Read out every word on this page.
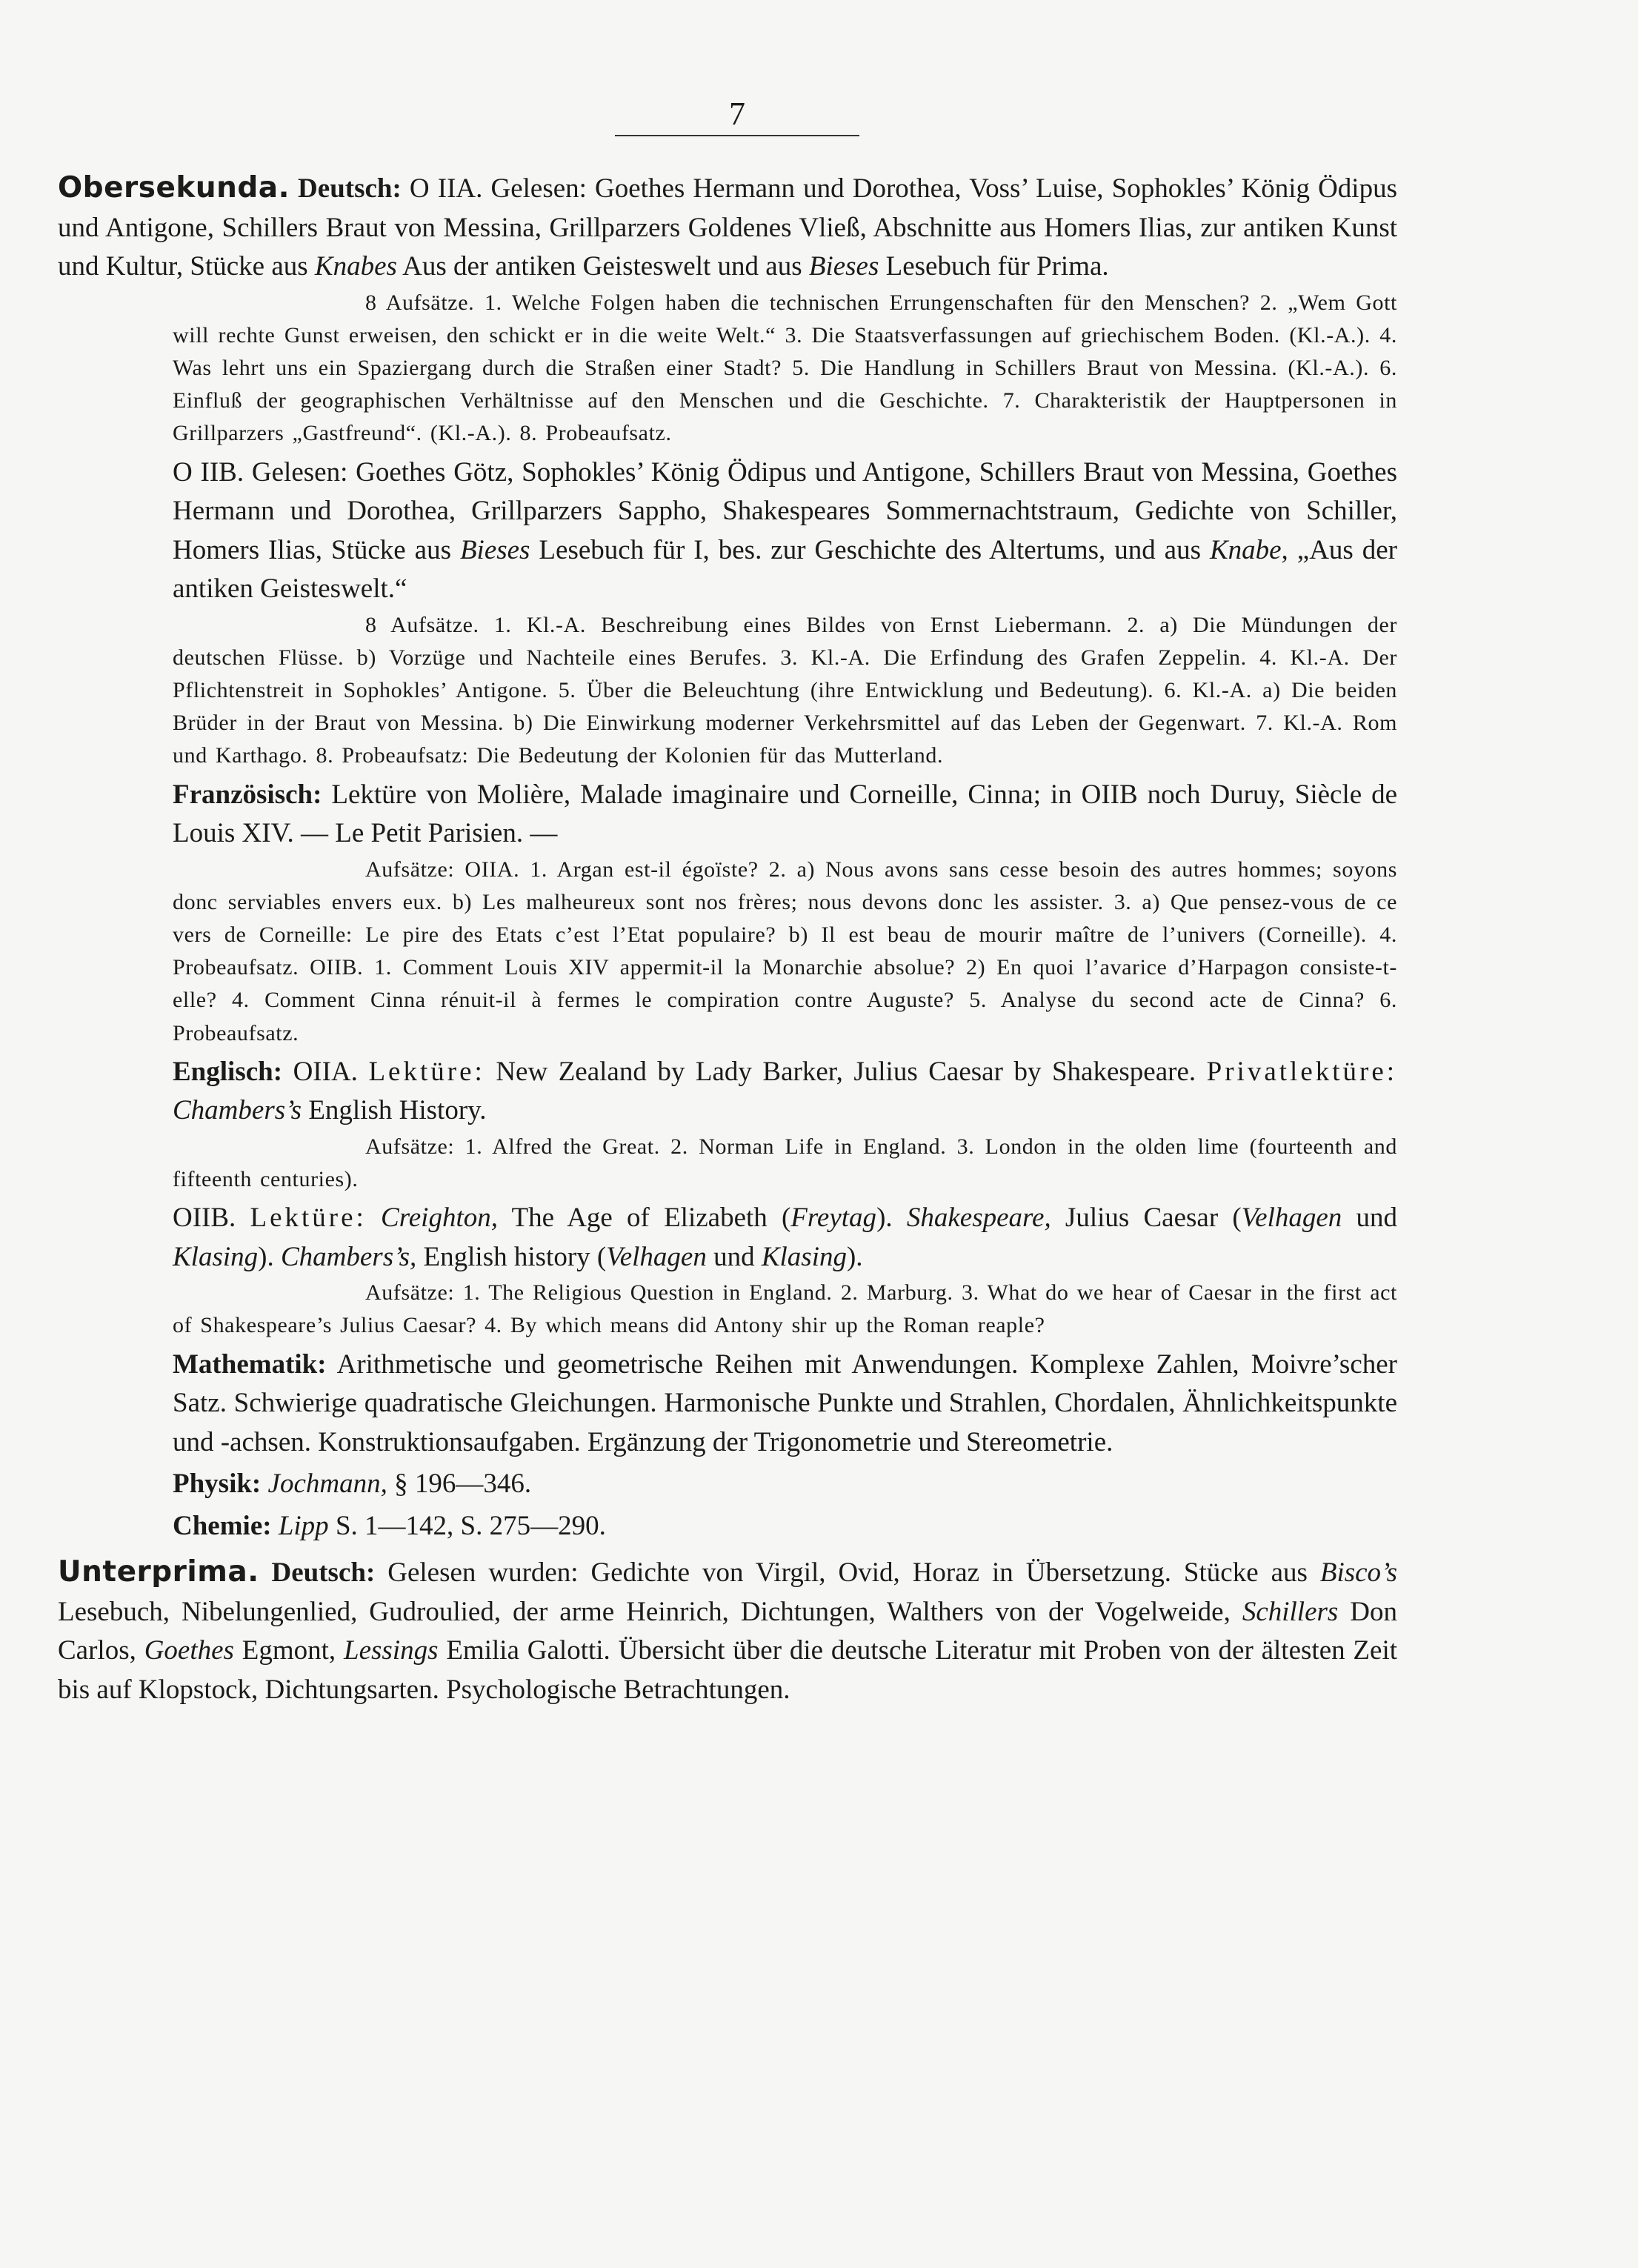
7

Obersekunda. Deutsch: O IIA. Gelesen: Goethes Hermann und Dorothea, Voss’ Luise, Sophokles’ König Ödipus und Antigone, Schillers Braut von Messina, Grillparzers Goldenes Vließ, Abschnitte aus Homers Ilias, zur antiken Kunst und Kultur, Stücke aus Knabes Aus der antiken Geisteswelt und aus Bieses Lesebuch für Prima.

8 Aufsätze. 1. Welche Folgen haben die technischen Errungenschaften für den Menschen? 2. „Wem Gott will rechte Gunst erweisen, den schickt er in die weite Welt.“ 3. Die Staatsverfassungen auf griechischem Boden. (Kl.-A.). 4. Was lehrt uns ein Spaziergang durch die Straßen einer Stadt? 5. Die Handlung in Schillers Braut von Messina. (Kl.-A.). 6. Einfluß der geographischen Verhältnisse auf den Menschen und die Geschichte. 7. Charakteristik der Hauptpersonen in Grillparzers „Gastfreund“. (Kl.-A.). 8. Probeaufsatz.

O IIB. Gelesen: Goethes Götz, Sophokles’ König Ödipus und Antigone, Schillers Braut von Messina, Goethes Hermann und Dorothea, Grillparzers Sappho, Shakespeares Sommernachtstraum, Gedichte von Schiller, Homers Ilias, Stücke aus Bieses Lesebuch für I, bes. zur Geschichte des Altertums, und aus Knabe, „Aus der antiken Geisteswelt.“

8 Aufsätze. 1. Kl.-A. Beschreibung eines Bildes von Ernst Liebermann. 2. a) Die Mündungen der deutschen Flüsse. b) Vorzüge und Nachteile eines Berufes. 3. Kl.-A. Die Erfindung des Grafen Zeppelin. 4. Kl.-A. Der Pflichtenstreit in Sophokles’ Antigone. 5. Über die Beleuchtung (ihre Entwicklung und Bedeutung). 6. Kl.-A. a) Die beiden Brüder in der Braut von Messina. b) Die Einwirkung moderner Verkehrsmittel auf das Leben der Gegenwart. 7. Kl.-A. Rom und Karthago. 8. Probeaufsatz: Die Bedeutung der Kolonien für das Mutterland.

Französisch: Lektüre von Molière, Malade imaginaire und Corneille, Cinna; in OIIB noch Duruy, Siècle de Louis XIV. — Le Petit Parisien. —

Aufsätze: OIIA. 1. Argan est-il égoïste? 2. a) Nous avons sans cesse besoin des autres hommes; soyons donc serviables envers eux. b) Les malheureux sont nos frères; nous devons donc les assister. 3. a) Que pensez-vous de ce vers de Corneille: Le pire des Etats c’est l’Etat populaire? b) Il est beau de mourir maître de l’univers (Corneille). 4. Probeaufsatz. OIIB. 1. Comment Louis XIV appermit-il la Monarchie absolue? 2) En quoi l’avarice d’Harpagon consiste-t-elle? 4. Comment Cinna rénuit-il à fermes le compiration contre Auguste? 5. Analyse du second acte de Cinna? 6. Probeaufsatz.

Englisch: OIIA. Lektüre: New Zealand by Lady Barker, Julius Caesar by Shakespeare. Privatlektüre: Chambers’s English History.

Aufsätze: 1. Alfred the Great. 2. Norman Life in England. 3. London in the olden lime (fourteenth and fifteenth centuries).

OIIB. Lektüre: Creighton, The Age of Elizabeth (Freytag). Shakespeare, Julius Caesar (Velhagen und Klasing). Chambers’s, English history (Velhagen und Klasing).

Aufsätze: 1. The Religious Question in England. 2. Marburg. 3. What do we hear of Caesar in the first act of Shakespeare’s Julius Caesar? 4. By which means did Antony shir up the Roman reaple?

Mathematik: Arithmetische und geometrische Reihen mit Anwendungen. Komplexe Zahlen, Moivre’scher Satz. Schwierige quadratische Gleichungen. Harmonische Punkte und Strahlen, Chordalen, Ähnlichkeitspunkte und -achsen. Konstruktionsaufgaben. Ergänzung der Trigonometrie und Stereometrie.

Physik: Jochmann, § 196—346.

Chemie: Lipp S. 1—142, S. 275—290.

Unterprima. Deutsch: Gelesen wurden: Gedichte von Virgil, Ovid, Horaz in Übersetzung. Stücke aus Bisco’s Lesebuch, Nibelungenlied, Gudroulied, der arme Heinrich, Dichtungen, Walthers von der Vogelweide, Schillers Don Carlos, Goethes Egmont, Lessings Emilia Galotti. Übersicht über die deutsche Literatur mit Proben von der ältesten Zeit bis auf Klopstock, Dichtungsarten. Psychologische Betrachtungen.
